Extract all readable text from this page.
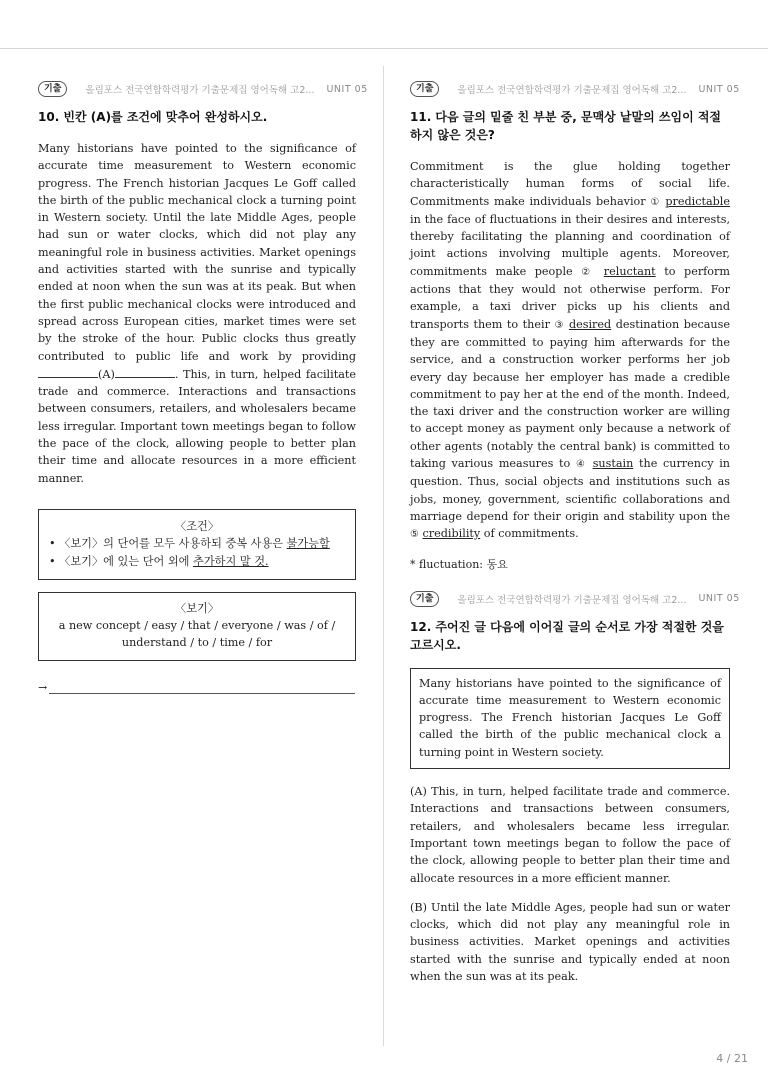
기출	올림포스 전국연합학력평가 기출문제집 영어독해 고2... UNIT 05
10. 빈칸 (A)를 조건에 맞추어 완성하시오.
Many historians have pointed to the significance of accurate time measurement to Western economic progress. The French historian Jacques Le Goff called the birth of the public mechanical clock a turning point in Western society. Until the late Middle Ages, people had sun or water clocks, which did not play any meaningful role in business activities. Market openings and activities started with the sunrise and typically ended at noon when the sun was at its peak. But when the first public mechanical clocks were introduced and spread across European cities, market times were set by the stroke of the hour. Public clocks thus greatly contributed to public life and work by providing (A)	. This, in turn, helped facilitate trade and commerce. Interactions and transactions between consumers, retailers, and wholesalers became less irregular. Important town meetings began to follow the pace of the clock, allowing people to better plan their time and allocate resources in a more efficient manner.
〈조건〉
• 〈보기〉의 단어를 모두 사용하되 중복 사용은 불가능함
• 〈보기〉에 있는 단어 외에 추가하지 말 것.
〈보기〉
a new concept / easy / that / everyone / was / of / understand / to / time / for
→
기출	올림포스 전국연합학력평가 기출문제집 영어독해 고2... UNIT 05
11. 다음 글의 밑줄 친 부분 중, 문맥상 낱말의 쓰임이 적절하지 않은 것은?
Commitment is the glue holding together characteristically human forms of social life. Commitments make individuals behavior ① predictable in the face of fluctuations in their desires and interests, thereby facilitating the planning and coordination of joint actions involving multiple agents. Moreover, commitments make people ② reluctant to perform actions that they would not otherwise perform. For example, a taxi driver picks up his clients and transports them to their ③ desired destination because they are committed to paying him afterwards for the service, and a construction worker performs her job every day because her employer has made a credible commitment to pay her at the end of the month. Indeed, the taxi driver and the construction worker are willing to accept money as payment only because a network of other agents (notably the central bank) is committed to taking various measures to ④ sustain the currency in question. Thus, social objects and institutions such as jobs, money, government, scientific collaborations and marriage depend for their origin and stability upon the ⑤ credibility of commitments.
* fluctuation: 동요
기출	올림포스 전국연합학력평가 기출문제집 영어독해 고2... UNIT 05
12. 주어진 글 다음에 이어질 글의 순서로 가장 적절한 것을 고르시오.
Many historians have pointed to the significance of accurate time measurement to Western economic progress. The French historian Jacques Le Goff called the birth of the public mechanical clock a turning point in Western society.
(A) This, in turn, helped facilitate trade and commerce. Interactions and transactions between consumers, retailers, and wholesalers became less irregular. Important town meetings began to follow the pace of the clock, allowing people to better plan their time and allocate resources in a more efficient manner.
(B) Until the late Middle Ages, people had sun or water clocks, which did not play any meaningful role in business activities. Market openings and activities started with the sunrise and typically ended at noon when the sun was at its peak.
4 / 21
